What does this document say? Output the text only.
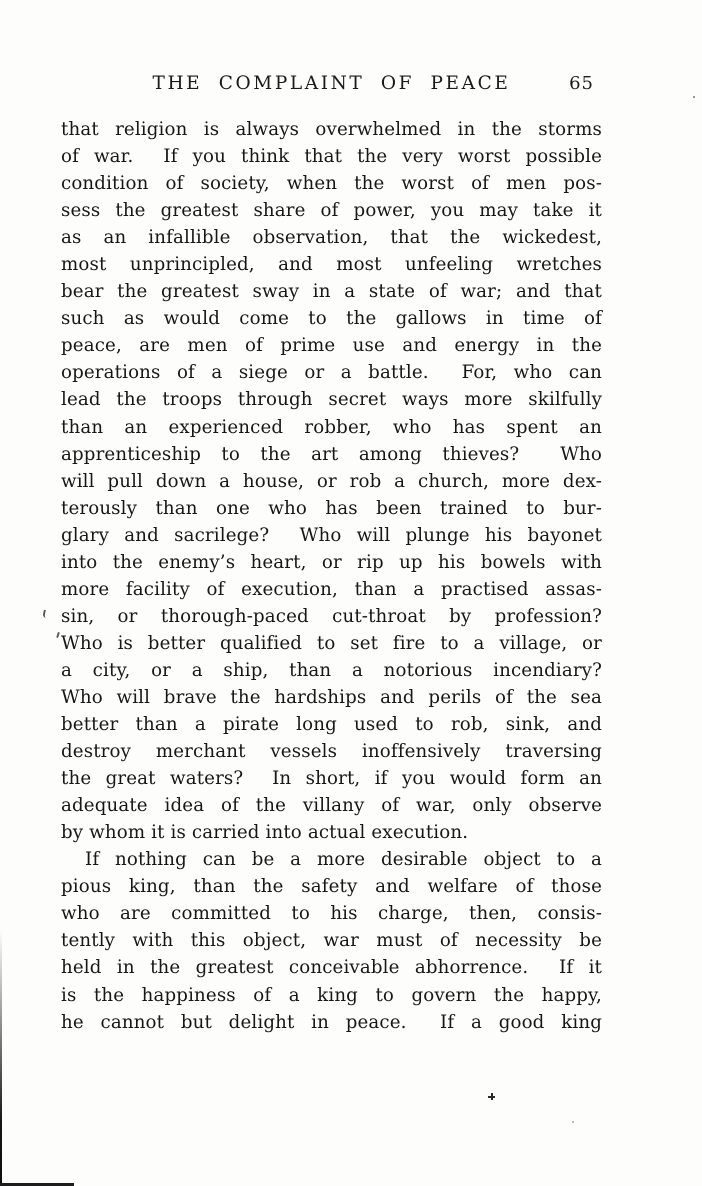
THE COMPLAINT OF PEACE	65
that religion is always overwhelmed in the storms
of war.  If you think that the very worst possible
condition of society, when the worst of men pos-
sess the greatest share of power, you may take it
as an infallible observation, that the wickedest,
most unprincipled, and most unfeeling wretches
bear the greatest sway in a state of war; and that
such as would come to the gallows in time of
peace, are men of prime use and energy in the
operations of a siege or a battle.  For, who can
lead the troops through secret ways more skilfully
than an experienced robber, who has spent an
apprenticeship to the art among thieves?  Who
will pull down a house, or rob a church, more dex-
terously than one who has been trained to bur-
glary and sacrilege?  Who will plunge his bayonet
into the enemy’s heart, or rip up his bowels with
more facility of execution, than a practised assas-
sin, or thorough-paced cut-throat by profession?
Who is better qualified to set fire to a village, or
a city, or a ship, than a notorious incendiary?
Who will brave the hardships and perils of the sea
better than a pirate long used to rob, sink, and
destroy merchant vessels inoffensively traversing
the great waters?  In short, if you would form an
adequate idea of the villany of war, only observe
by whom it is carried into actual execution.
If nothing can be a more desirable object to a
pious king, than the safety and welfare of those
who are committed to his charge, then, consis-
tently with this object, war must of necessity be
held in the greatest conceivable abhorrence.  If it
is the happiness of a king to govern the happy,
he cannot but delight in peace.  If a good king
